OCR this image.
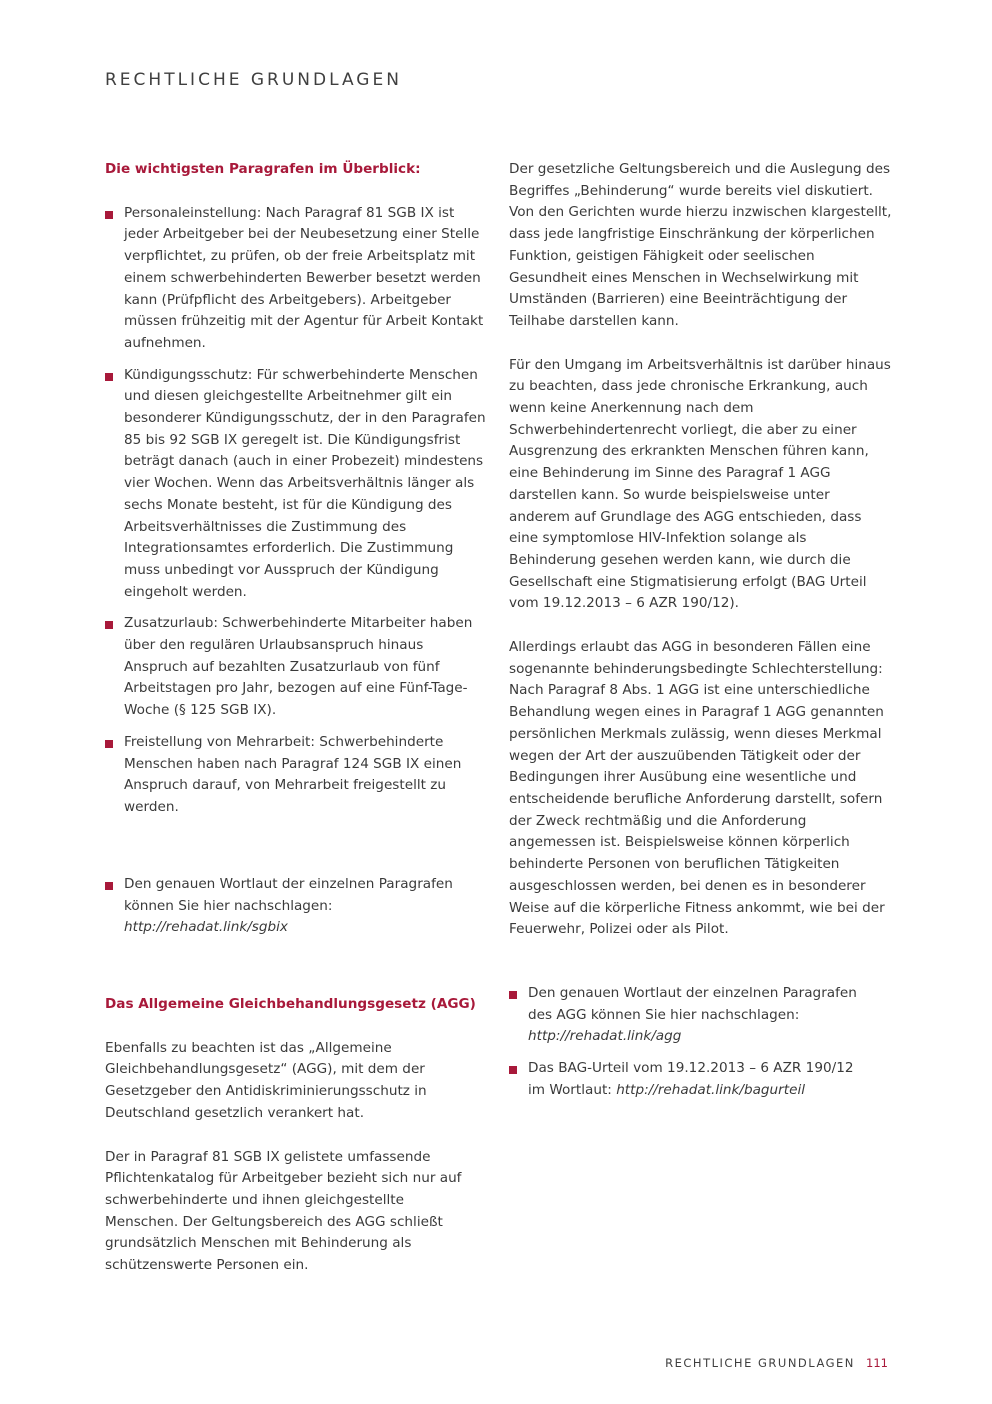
RECHTLICHE GRUNDLAGEN

Die wichtigsten Paragrafen im Überblick:

Personaleinstellung: Nach Paragraf 81 SGB IX ist jeder Arbeitgeber bei der Neubesetzung einer Stelle verpflichtet, zu prüfen, ob der freie Arbeitsplatz mit einem schwerbehinderten Bewerber besetzt werden kann (Prüfpflicht des Arbeitgebers). Arbeitgeber müssen frühzeitig mit der Agentur für Arbeit Kontakt aufnehmen.

Kündigungsschutz: Für schwerbehinderte Menschen und diesen gleichgestellte Arbeitnehmer gilt ein besonderer Kündigungsschutz, der in den Paragrafen 85 bis 92 SGB IX geregelt ist. Die Kündigungsfrist beträgt danach (auch in einer Probezeit) mindestens vier Wochen. Wenn das Arbeitsverhältnis länger als sechs Monate besteht, ist für die Kündigung des Arbeitsverhältnisses die Zustimmung des Integrationsamtes erforderlich. Die Zustimmung muss unbedingt vor Ausspruch der Kündigung eingeholt werden.

Zusatzurlaub: Schwerbehinderte Mitarbeiter haben über den regulären Urlaubsanspruch hinaus Anspruch auf bezahlten Zusatzurlaub von fünf Arbeitstagen pro Jahr, bezogen auf eine Fünf-Tage-Woche (§ 125 SGB IX).

Freistellung von Mehrarbeit: Schwerbehinderte Menschen haben nach Paragraf 124 SGB IX einen Anspruch darauf, von Mehrarbeit freigestellt zu werden.

Den genauen Wortlaut der einzelnen Paragrafen können Sie hier nachschlagen:
http://rehadat.link/sgbix

Das Allgemeine Gleichbehandlungsgesetz (AGG)

Ebenfalls zu beachten ist das „Allgemeine Gleichbehandlungsgesetz“ (AGG), mit dem der Gesetzgeber den Antidiskriminierungsschutz in Deutschland gesetzlich verankert hat.

Der in Paragraf 81 SGB IX gelistete umfassende Pflichtenkatalog für Arbeitgeber bezieht sich nur auf schwerbehinderte und ihnen gleichgestellte Menschen. Der Geltungsbereich des AGG schließt grundsätzlich Menschen mit Behinderung als schützenswerte Personen ein.

Der gesetzliche Geltungsbereich und die Auslegung des Begriffes „Behinderung“ wurde bereits viel diskutiert. Von den Gerichten wurde hierzu inzwischen klargestellt, dass jede langfristige Einschränkung der körperlichen Funktion, geistigen Fähigkeit oder seelischen Gesundheit eines Menschen in Wechselwirkung mit Umständen (Barrieren) eine Beeinträchtigung der Teilhabe darstellen kann.

Für den Umgang im Arbeitsverhältnis ist darüber hinaus zu beachten, dass jede chronische Erkrankung, auch wenn keine Anerkennung nach dem Schwerbehindertenrecht vorliegt, die aber zu einer Ausgrenzung des erkrankten Menschen führen kann, eine Behinderung im Sinne des Paragraf 1 AGG darstellen kann. So wurde beispielsweise unter anderem auf Grundlage des AGG entschieden, dass eine symptomlose HIV-Infektion solange als Behinderung gesehen werden kann, wie durch die Gesellschaft eine Stigmatisierung erfolgt (BAG Urteil vom 19.12.2013 – 6 AZR 190/12).

Allerdings erlaubt das AGG in besonderen Fällen eine sogenannte behinderungsbedingte Schlechterstellung: Nach Paragraf 8 Abs. 1 AGG ist eine unterschiedliche Behandlung wegen eines in Paragraf 1 AGG genannten persönlichen Merkmals zulässig, wenn dieses Merkmal wegen der Art der auszuübenden Tätigkeit oder der Bedingungen ihrer Ausübung eine wesentliche und entscheidende berufliche Anforderung darstellt, sofern der Zweck rechtmäßig und die Anforderung angemessen ist. Beispielsweise können körperlich behinderte Personen von beruflichen Tätigkeiten ausgeschlossen werden, bei denen es in besonderer Weise auf die körperliche Fitness ankommt, wie bei der Feuerwehr, Polizei oder als Pilot.

Den genauen Wortlaut der einzelnen Paragrafen des AGG können Sie hier nachschlagen:
http://rehadat.link/agg

Das BAG-Urteil vom 19.12.2013 – 6 AZR 190/12 im Wortlaut: http://rehadat.link/bagurteil

RECHTLICHE GRUNDLAGEN 111
